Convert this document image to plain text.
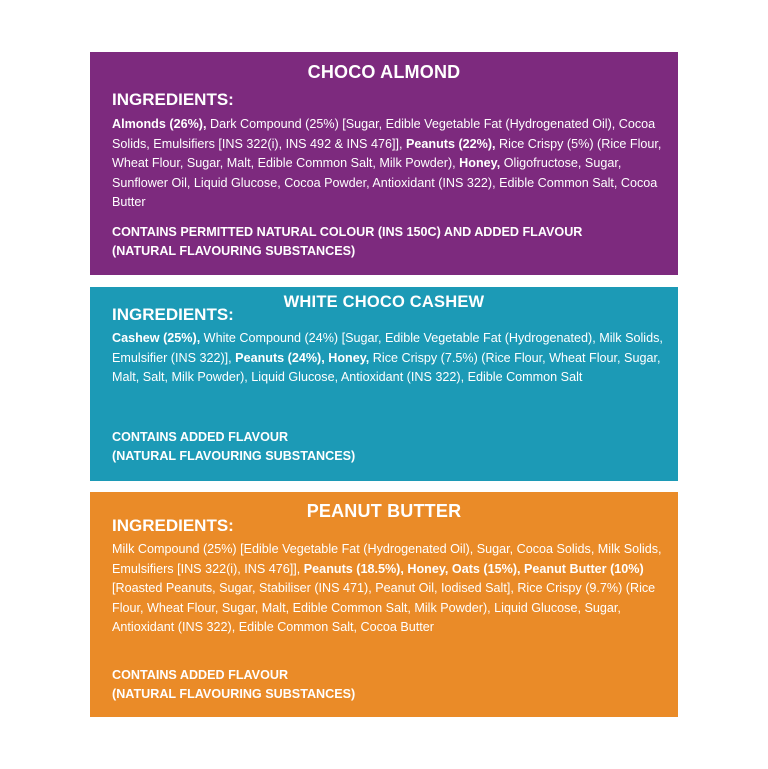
CHOCO ALMOND
INGREDIENTS:
Almonds (26%), Dark Compound (25%) [Sugar, Edible Vegetable Fat (Hydrogenated Oil), Cocoa Solids, Emulsifiers [INS 322(i), INS 492 & INS 476]], Peanuts (22%), Rice Crispy (5%) (Rice Flour, Wheat Flour, Sugar, Malt, Edible Common Salt, Milk Powder), Honey, Oligofructose, Sugar, Sunflower Oil, Liquid Glucose, Cocoa Powder, Antioxidant (INS 322), Edible Common Salt, Cocoa Butter
CONTAINS PERMITTED NATURAL COLOUR (INS 150C) AND ADDED FLAVOUR
(NATURAL FLAVOURING SUBSTANCES)
WHITE CHOCO CASHEW
INGREDIENTS:
Cashew (25%), White Compound (24%) [Sugar, Edible Vegetable Fat (Hydrogenated), Milk Solids, Emulsifier (INS 322)], Peanuts (24%), Honey, Rice Crispy (7.5%) (Rice Flour, Wheat Flour, Sugar, Malt, Salt, Milk Powder), Liquid Glucose, Antioxidant (INS 322), Edible Common Salt
CONTAINS ADDED FLAVOUR
(NATURAL FLAVOURING SUBSTANCES)
PEANUT BUTTER
INGREDIENTS:
Milk Compound (25%) [Edible Vegetable Fat (Hydrogenated Oil), Sugar, Cocoa Solids, Milk Solids, Emulsifiers [INS 322(i), INS 476]], Peanuts (18.5%), Honey, Oats (15%), Peanut Butter (10%) [Roasted Peanuts, Sugar, Stabiliser (INS 471), Peanut Oil, Iodised Salt], Rice Crispy (9.7%) (Rice Flour, Wheat Flour, Sugar, Malt, Edible Common Salt, Milk Powder), Liquid Glucose, Sugar, Antioxidant (INS 322), Edible Common Salt, Cocoa Butter
CONTAINS ADDED FLAVOUR
(NATURAL FLAVOURING SUBSTANCES)
